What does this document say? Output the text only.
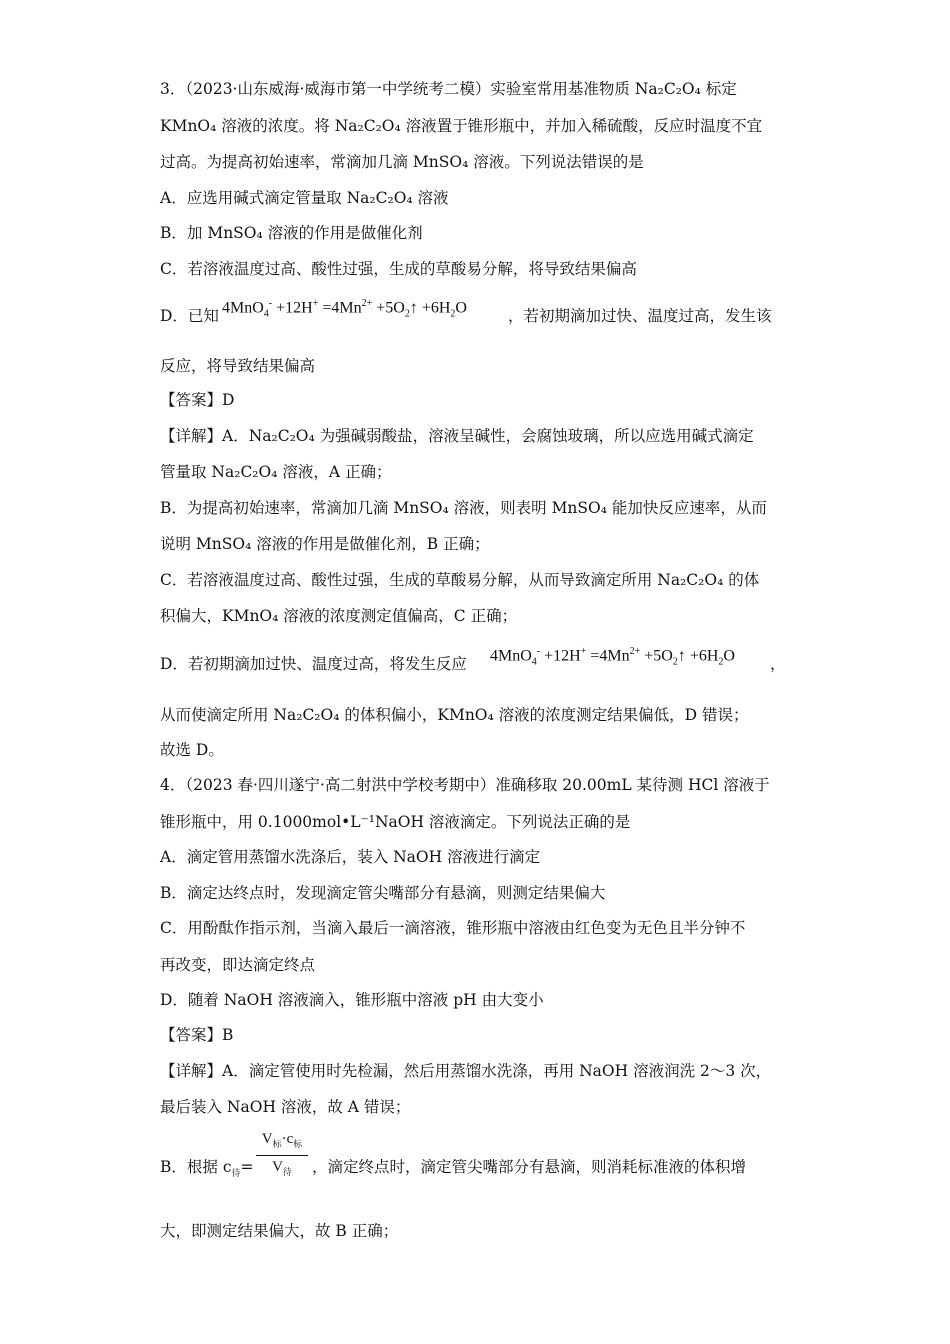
3．（2023·山东威海·威海市第一中学统考二模）实验室常用基准物质 Na₂C₂O₄ 标定
KMnO₄ 溶液的浓度。将 Na₂C₂O₄ 溶液置于锥形瓶中，并加入稀硫酸，反应时温度不宜
过高。为提高初始速率，常滴加几滴 MnSO₄ 溶液。下列说法错误的是
A．应选用碱式滴定管量取 Na₂C₂O₄ 溶液
B．加 MnSO₄ 溶液的作用是做催化剂
C．若溶液温度过高、酸性过强，生成的草酸易分解，将导致结果偏高
D．已知 $4MnO_4^- +12H^+ =4Mn^{2+}$ $+5O_2↑ +6H_2O$	，若初期滴加过快、温度过高，发生该
反应，将导致结果偏高
【答案】D
【详解】A．Na₂C₂O₄ 为强碱弱酸盐，溶液呈碱性，会腐蚀玻璃，所以应选用碱式滴定
管量取 Na₂C₂O₄ 溶液，A 正确；
B．为提高初始速率，常滴加几滴 MnSO₄ 溶液，则表明 MnSO₄ 能加快反应速率，从而
说明 MnSO₄ 溶液的作用是做催化剂，B 正确；
C．若溶液温度过高、酸性过强，生成的草酸易分解，从而导致滴定所用 Na₂C₂O₄ 的体
积偏大，KMnO₄ 溶液的浓度测定值偏高，C 正确；
D．若初期滴加过快、温度过高，将发生反应 $4MnO_4^- +12H^+ =4Mn^{2+}$ $+5O_2↑ +6H_2O$ ，
从而使滴定所用 Na₂C₂O₄ 的体积偏小，KMnO₄ 溶液的浓度测定结果偏低，D 错误；
故选 D。
4．（2023 春·四川遂宁·高二射洪中学校考期中）准确移取 20.00mL 某待测 HCl 溶液于
锥形瓶中，用 0.1000mol•L⁻¹NaOH 溶液滴定。下列说法正确的是
A．滴定管用蒸馏水洗涤后，装入 NaOH 溶液进行滴定
B．滴定达终点时，发现滴定管尖嘴部分有悬滴，则测定结果偏大
C．用酚酞作指示剂，当滴入最后一滴溶液，锥形瓶中溶液由红色变为无色且半分钟不
再改变，即达滴定终点
D．随着 NaOH 溶液滴入，锥形瓶中溶液 pH 由大变小
【答案】B
【详解】A．滴定管使用时先检漏，然后用蒸馏水洗涤，再用 NaOH 溶液润洗 2～3 次，
最后装入 NaOH 溶液，故 A 错误；
B．根据 $c_待=$
$V_标\cdot c_标$
$V_待$	，滴定终点时，滴定管尖嘴部分有悬滴，则消耗标准液的体积增
大，即测定结果偏大，故 B 正确；
